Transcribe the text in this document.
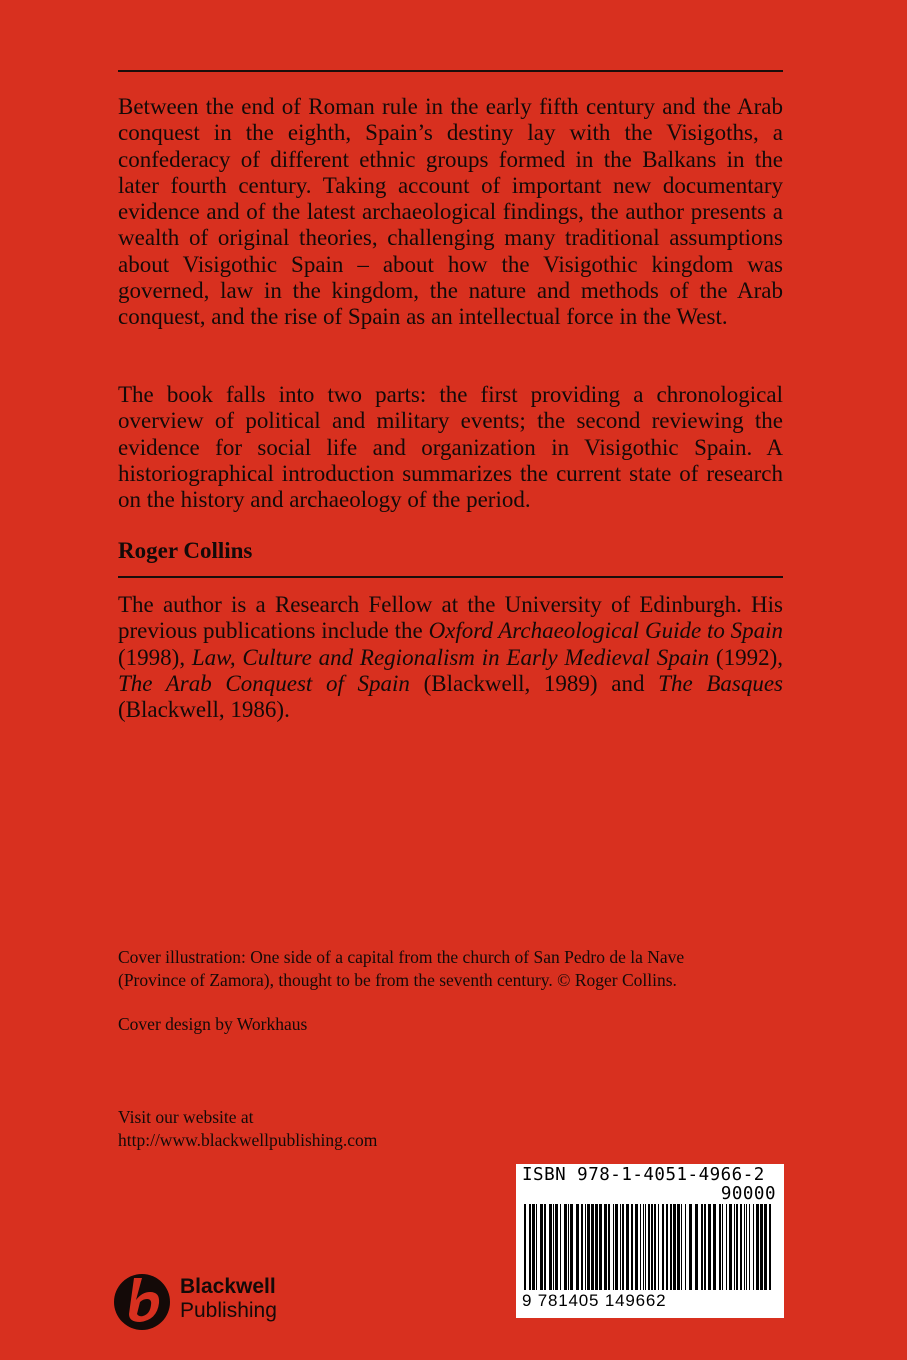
Between the end of Roman rule in the early fifth century and the Arab conquest in the eighth, Spain’s destiny lay with the Visigoths, a confederacy of different ethnic groups formed in the Balkans in the later fourth century. Taking account of important new documentary evidence and of the latest archaeological findings, the author presents a wealth of original theories, challenging many traditional assumptions about Visigothic Spain – about how the Visigothic kingdom was governed, law in the kingdom, the nature and methods of the Arab conquest, and the rise of Spain as an intellectual force in the West.

The book falls into two parts: the first providing a chronological overview of political and military events; the second reviewing the evidence for social life and organization in Visigothic Spain. A historiographical introduction summarizes the current state of research on the history and archaeology of the period.

Roger Collins

The author is a Research Fellow at the University of Edinburgh. His previous publications include the Oxford Archaeological Guide to Spain (1998), Law, Culture and Regionalism in Early Medieval Spain (1992), The Arab Conquest of Spain (Blackwell, 1989) and The Basques (Blackwell, 1986).

Cover illustration: One side of a capital from the church of San Pedro de la Nave
(Province of Zamora), thought to be from the seventh century. © Roger Collins.

Cover design by Workhaus

Visit our website at

http://www.blackwellpublishing.com

ISBN 978-1-4051-4966-2
90000
9 781405 149662
Blackwell
Publishing
